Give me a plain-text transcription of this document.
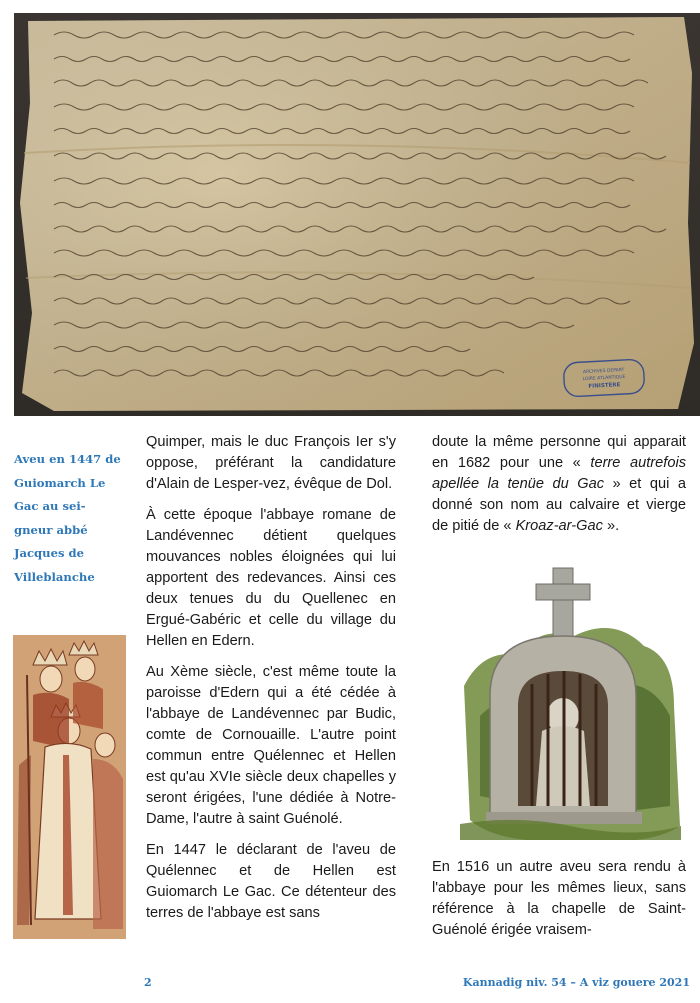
ARCHIVES DEPART
LOIRE ATLANTIQUE
FINISTÈRE
Aveu en 1447 de
Guiomarch Le
Gac au sei-
gneur abbé
Jacques de
Villeblanche

Quimper, mais le duc François Ier s'y oppose, préférant la candidature d'Alain de Lesper-vez, évêque de Dol.

À cette époque l'abbaye romane de Landévennec détient quelques mouvances nobles éloignées qui lui apportent des redevances. Ainsi ces deux tenues du du Quellenec en Ergué-Gabéric et celle du village du Hellen en Edern.

Au Xème siècle, c'est même toute la paroisse d'Edern qui a été cédée à l'abbaye de Landévennec par Budic, comte de Cornouaille. L'autre point commun entre Quélennec et Hellen est qu'au XVIe siècle deux chapelles y seront érigées, l'une dédiée à Notre-Dame, l'autre à saint Guénolé.

En 1447 le déclarant de l'aveu de Quélennec et de Hellen est Guiomarch Le Gac. Ce détenteur des terres de l'abbaye est sans

doute la même personne qui apparait en 1682 pour une « terre autrefois apellée la tenüe du Gac » et qui a donné son nom au calvaire et vierge de pitié de « Kroaz-ar-Gac ».

En 1516 un autre aveu sera rendu à l'abbaye pour les mêmes lieux, sans référence à la chapelle de Saint-Guénolé érigée vraisem-

2	Kannadig niv. 54 – A viz gouere 2021
